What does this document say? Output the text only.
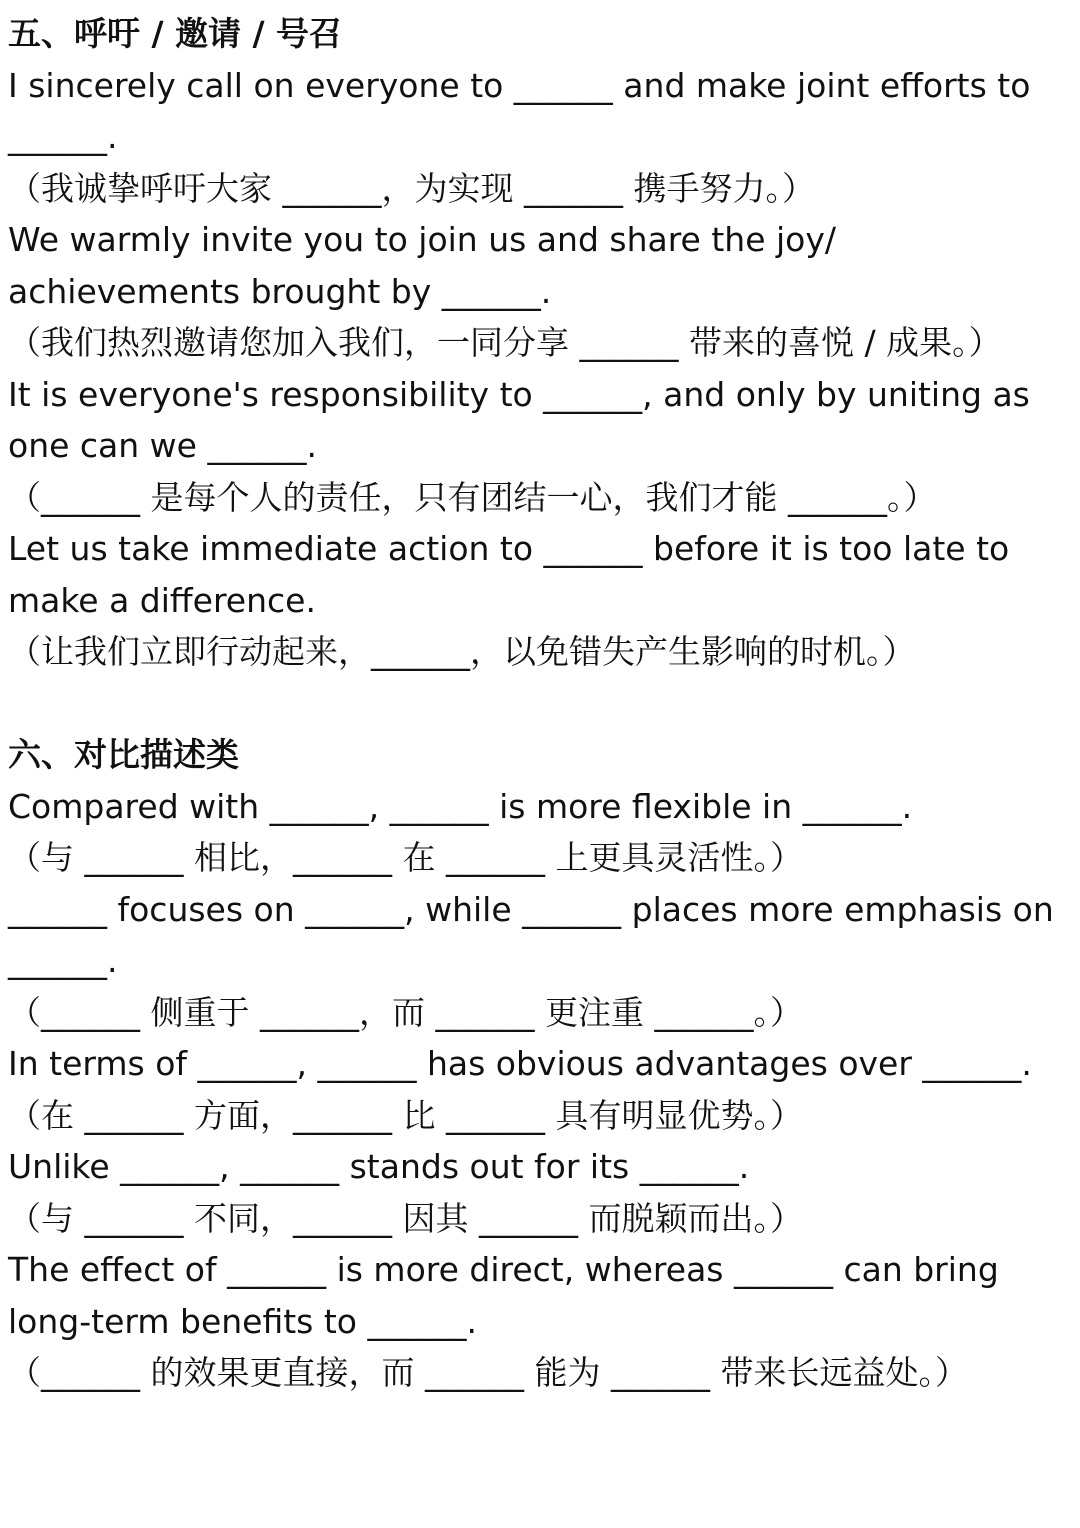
五、呼吁 / 邀请 / 号召

I sincerely call on everyone to ______ and make joint efforts to ______.

（我诚挚呼吁大家 ______，为实现 ______ 携手努力。）

We warmly invite you to join us and share the joy/ achievements brought by ______.

（我们热烈邀请您加入我们，一同分享 ______ 带来的喜悦 / 成果。）

It is everyone's responsibility to ______, and only by uniting as one can we ______.

（______ 是每个人的责任，只有团结一心，我们才能 ______。）

Let us take immediate action to ______ before it is too late to make a difference.

（让我们立即行动起来，______，以免错失产生影响的时机。）

六、对比描述类

Compared with ______, ______ is more flexible in ______.

（与 ______ 相比，______ 在 ______ 上更具灵活性。）

______ focuses on ______, while ______ places more emphasis on ______.

（______ 侧重于 ______，而 ______ 更注重 ______。）

In terms of ______, ______ has obvious advantages over ______.

（在 ______ 方面，______ 比 ______ 具有明显优势。）

Unlike ______, ______ stands out for its ______.

（与 ______ 不同，______ 因其 ______ 而脱颖而出。）

The effect of ______ is more direct, whereas ______ can bring long-term benefits to ______.

（______ 的效果更直接，而 ______ 能为 ______ 带来长远益处。）
